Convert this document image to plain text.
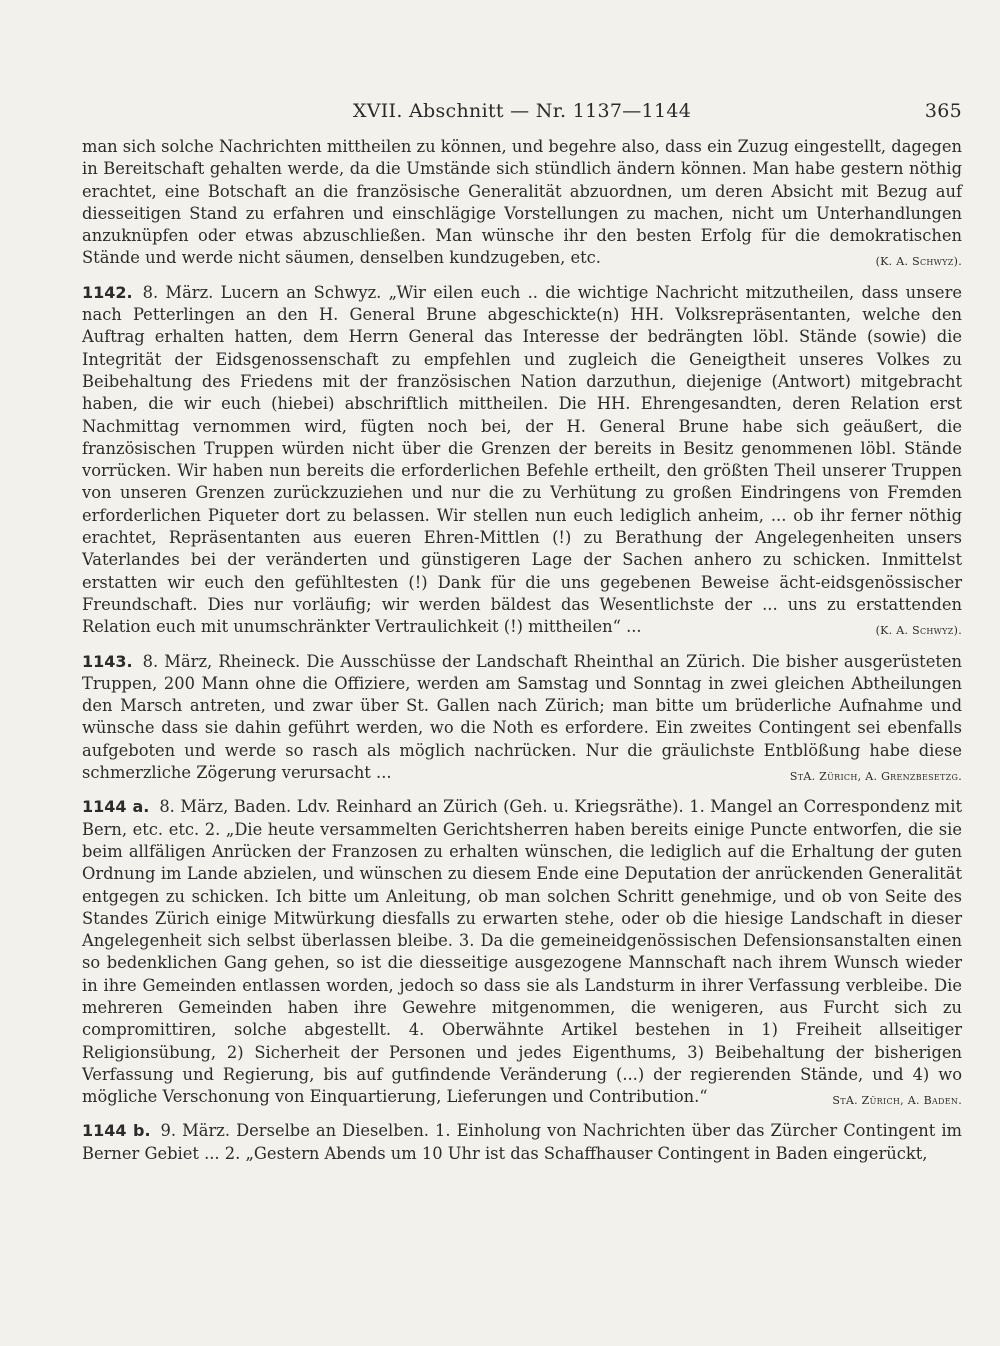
XVII. Abschnitt — Nr. 1137—1144	365

man sich solche Nachrichten mittheilen zu können, und begehre also, dass ein Zuzug eingestellt, dagegen in Bereitschaft gehalten werde, da die Umstände sich stündlich ändern können. Man habe gestern nöthig erachtet, eine Botschaft an die französische Generalität abzuordnen, um deren Absicht mit Bezug auf diesseitigen Stand zu erfahren und einschlägige Vorstellungen zu machen, nicht um Unterhandlungen anzuknüpfen oder etwas abzuschließen. Man wünsche ihr den besten Erfolg für die demokratischen Stände und werde nicht säumen, denselben kundzugeben, etc.	(K. A. Schwyz).

1142. 8. März. Lucern an Schwyz. „Wir eilen euch .. die wichtige Nachricht mitzutheilen, dass unsere nach Petterlingen an den H. General Brune abgeschickte(n) HH. Volksrepräsentanten, welche den Auftrag erhalten hatten, dem Herrn General das Interesse der bedrängten löbl. Stände (sowie) die Integrität der Eidsgenossenschaft zu empfehlen und zugleich die Geneigtheit unseres Volkes zu Beibehaltung des Friedens mit der französischen Nation darzuthun, diejenige (Antwort) mitgebracht haben, die wir euch (hiebei) abschriftlich mittheilen. Die HH. Ehrengesandten, deren Relation erst Nachmittag vernommen wird, fügten noch bei, der H. General Brune habe sich geäußert, die französischen Truppen würden nicht über die Grenzen der bereits in Besitz genommenen löbl. Stände vorrücken. Wir haben nun bereits die erforderlichen Befehle ertheilt, den größten Theil unserer Truppen von unseren Grenzen zurückzuziehen und nur die zu Verhütung zu großen Eindringens von Fremden erforderlichen Piqueter dort zu belassen. Wir stellen nun euch lediglich anheim, ... ob ihr ferner nöthig erachtet, Repräsentanten aus eueren Ehren-Mittlen (!) zu Berathung der Angelegenheiten unsers Vaterlandes bei der veränderten und günstigeren Lage der Sachen anhero zu schicken. Inmittelst erstatten wir euch den gefühltesten (!) Dank für die uns gegebenen Beweise ächt-eidsgenössischer Freundschaft. Dies nur vorläufig; wir werden bäldest das Wesentlichste der ... uns zu erstattenden Relation euch mit unumschränkter Vertraulichkeit (!) mittheilen“ ...	(K. A. Schwyz).

1143. 8. März, Rheineck. Die Ausschüsse der Landschaft Rheinthal an Zürich. Die bisher ausgerüsteten Truppen, 200 Mann ohne die Offiziere, werden am Samstag und Sonntag in zwei gleichen Abtheilungen den Marsch antreten, und zwar über St. Gallen nach Zürich; man bitte um brüderliche Aufnahme und wünsche dass sie dahin geführt werden, wo die Noth es erfordere. Ein zweites Contingent sei ebenfalls aufgeboten und werde so rasch als möglich nachrücken. Nur die gräulichste Entblößung habe diese schmerzliche Zögerung verursacht ...	StA. Zürich, A. Grenzbesetzg.

1144 a. 8. März, Baden. Ldv. Reinhard an Zürich (Geh. u. Kriegsräthe). 1. Mangel an Correspondenz mit Bern, etc. etc. 2. „Die heute versammelten Gerichtsherren haben bereits einige Puncte entworfen, die sie beim allfäligen Anrücken der Franzosen zu erhalten wünschen, die lediglich auf die Erhaltung der guten Ordnung im Lande abzielen, und wünschen zu diesem Ende eine Deputation der anrückenden Generalität entgegen zu schicken. Ich bitte um Anleitung, ob man solchen Schritt genehmige, und ob von Seite des Standes Zürich einige Mitwürkung diesfalls zu erwarten stehe, oder ob die hiesige Landschaft in dieser Angelegenheit sich selbst überlassen bleibe. 3. Da die gemeineidgenössischen Defensionsanstalten einen so bedenklichen Gang gehen, so ist die diesseitige ausgezogene Mannschaft nach ihrem Wunsch wieder in ihre Gemeinden entlassen worden, jedoch so dass sie als Landsturm in ihrer Verfassung verbleibe. Die mehreren Gemeinden haben ihre Gewehre mitgenommen, die wenigeren, aus Furcht sich zu compromittiren, solche abgestellt. 4. Oberwähnte Artikel bestehen in 1) Freiheit allseitiger Religionsübung, 2) Sicherheit der Personen und jedes Eigenthums, 3) Beibehaltung der bisherigen Verfassung und Regierung, bis auf gutfindende Veränderung (...) der regierenden Stände, und 4) wo mögliche Verschonung von Einquartierung, Lieferungen und Contribution.“	StA. Zürich, A. Baden.

1144 b. 9. März. Derselbe an Dieselben. 1. Einholung von Nachrichten über das Zürcher Contingent im Berner Gebiet ... 2. „Gestern Abends um 10 Uhr ist das Schaffhauser Contingent in Baden eingerückt,
